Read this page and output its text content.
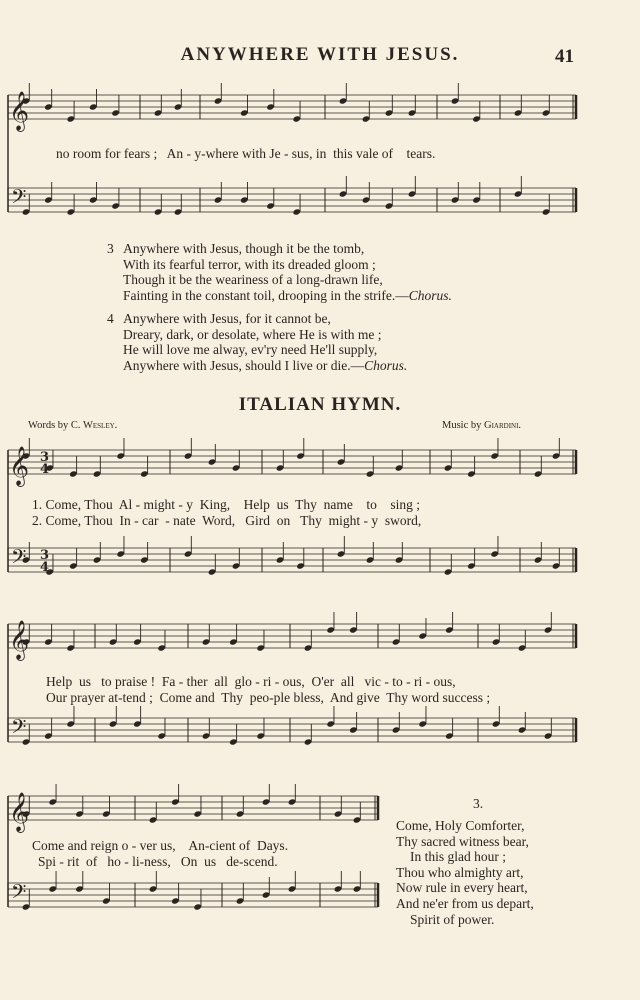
ANYWHERE WITH JESUS.	41
𝄞
𝄢
𝄞
𝄢
3
4
3
4
𝄞
𝄢
𝄞
𝄢
no room for fears ;   An - y-where with Je - sus, in  this vale of    tears.
3 Anywhere with Jesus, though it be the tomb,
With its fearful terror, with its dreaded gloom ;
Though it be the weariness of a long-drawn life,
Fainting in the constant toil, drooping in the strife.—Chorus.
4 Anywhere with Jesus, for it cannot be,
Dreary, dark, or desolate, where He is with me ;
He will love me alway, ev'ry need He'll supply,
Anywhere with Jesus, should I live or die.—Chorus.
ITALIAN HYMN.
Words by C. Wesley.	Music by Giardini.
1. Come, Thou  Al - might - y  King,    Help  us  Thy  name    to    sing ;
2. Come, Thou  In - car  - nate  Word,   Gird  on   Thy  might - y  sword,
Help  us   to praise !  Fa - ther  all  glo - ri - ous,  O'er  all   vic - to - ri - ous,
Our prayer at-tend ;  Come and  Thy  peo-ple bless,  And give  Thy word success ;
Come and reign o - ver us,    An-cient of  Days.
Spi - rit  of   ho - li-ness,   On  us   de-scend.
3.
Come, Holy Comforter,
Thy sacred witness bear,
In this glad hour ;
Thou who almighty art,
Now rule in every heart,
And ne'er from us depart,
Spirit of power.
